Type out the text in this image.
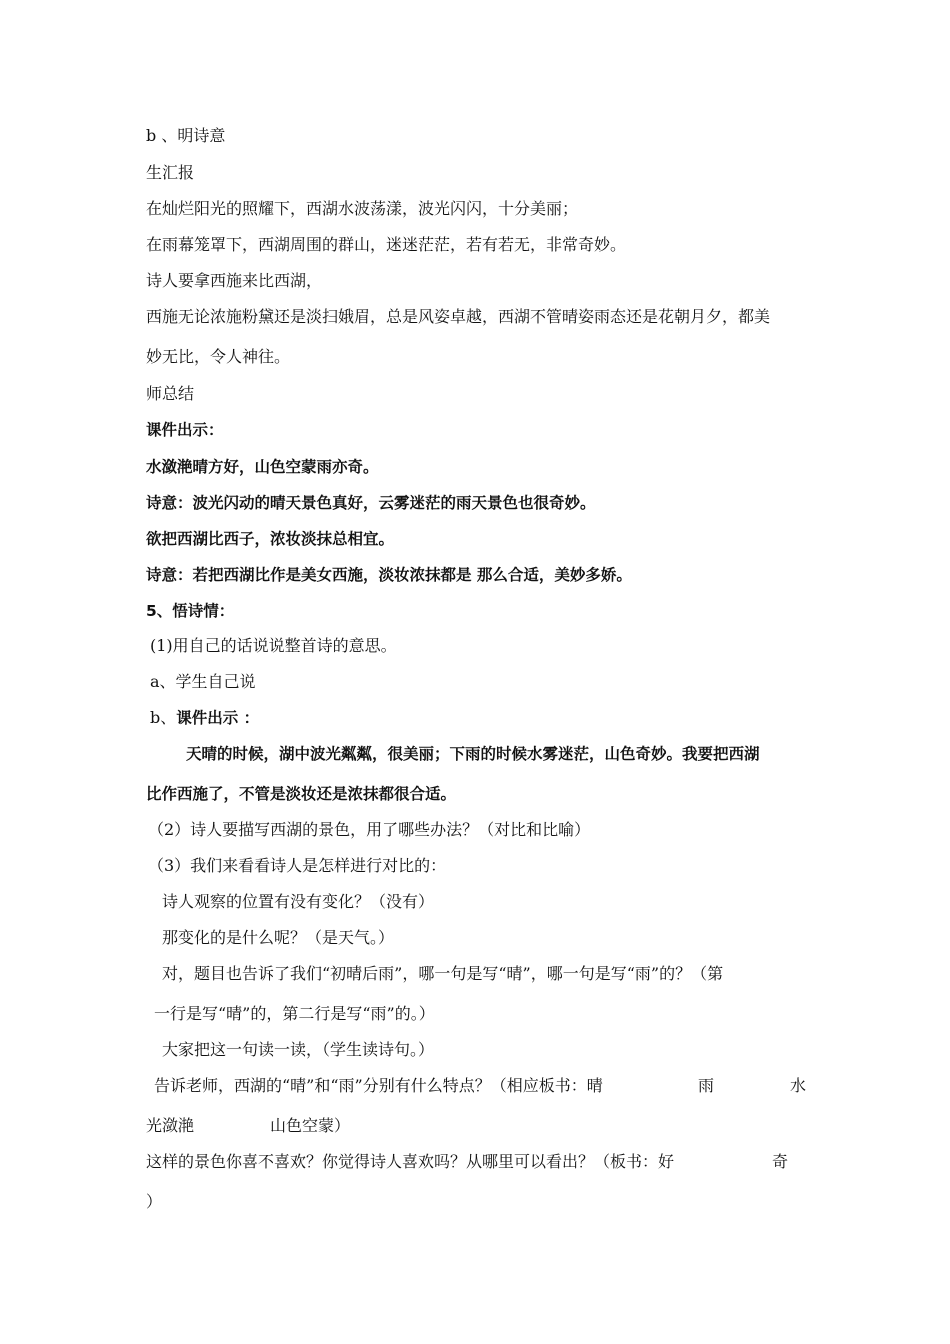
b 、明诗意
生汇报
在灿烂阳光的照耀下，西湖水波荡漾，波光闪闪，十分美丽；
在雨幕笼罩下，西湖周围的群山，迷迷茫茫，若有若无，非常奇妙。
诗人要拿西施来比西湖，
西施无论浓施粉黛还是淡扫娥眉，总是风姿卓越，西湖不管晴姿雨态还是花朝月夕，都美
妙无比，令人神往。
师总结
课件出示：
水潋滟晴方好，山色空蒙雨亦奇。
诗意：波光闪动的晴天景色真好，云雾迷茫的雨天景色也很奇妙。
欲把西湖比西子，浓妆淡抹总相宜。
诗意：若把西湖比作是美女西施，淡妆浓抹都是 那么合适，美妙多娇。
5、悟诗情：
(1)用自己的话说说整首诗的意思。
a、学生自己说
b、课件出示 ：
天晴的时候，湖中波光粼粼，很美丽；下雨的时候水雾迷茫，山色奇妙。我要把西湖
比作西施了，不管是淡妆还是浓抹都很合适。
（2）诗人要描写西湖的景色，用了哪些办法？（对比和比喻）
（3）我们来看看诗人是怎样进行对比的：
诗人观察的位置有没有变化？（没有）
那变化的是什么呢？（是天气。）
对，题目也告诉了我们“初晴后雨”，哪一句是写“晴”，哪一句是写“雨”的？（第
一行是写“晴”的，第二行是写“雨”的。）
大家把这一句读一读，（学生读诗句。）
告诉老师，西湖的“晴”和“雨”分别有什么特点？（相应板书：晴	雨	水
光潋滟	山色空蒙）
这样的景色你喜不喜欢？你觉得诗人喜欢吗？从哪里可以看出？（板书：好	奇
）
